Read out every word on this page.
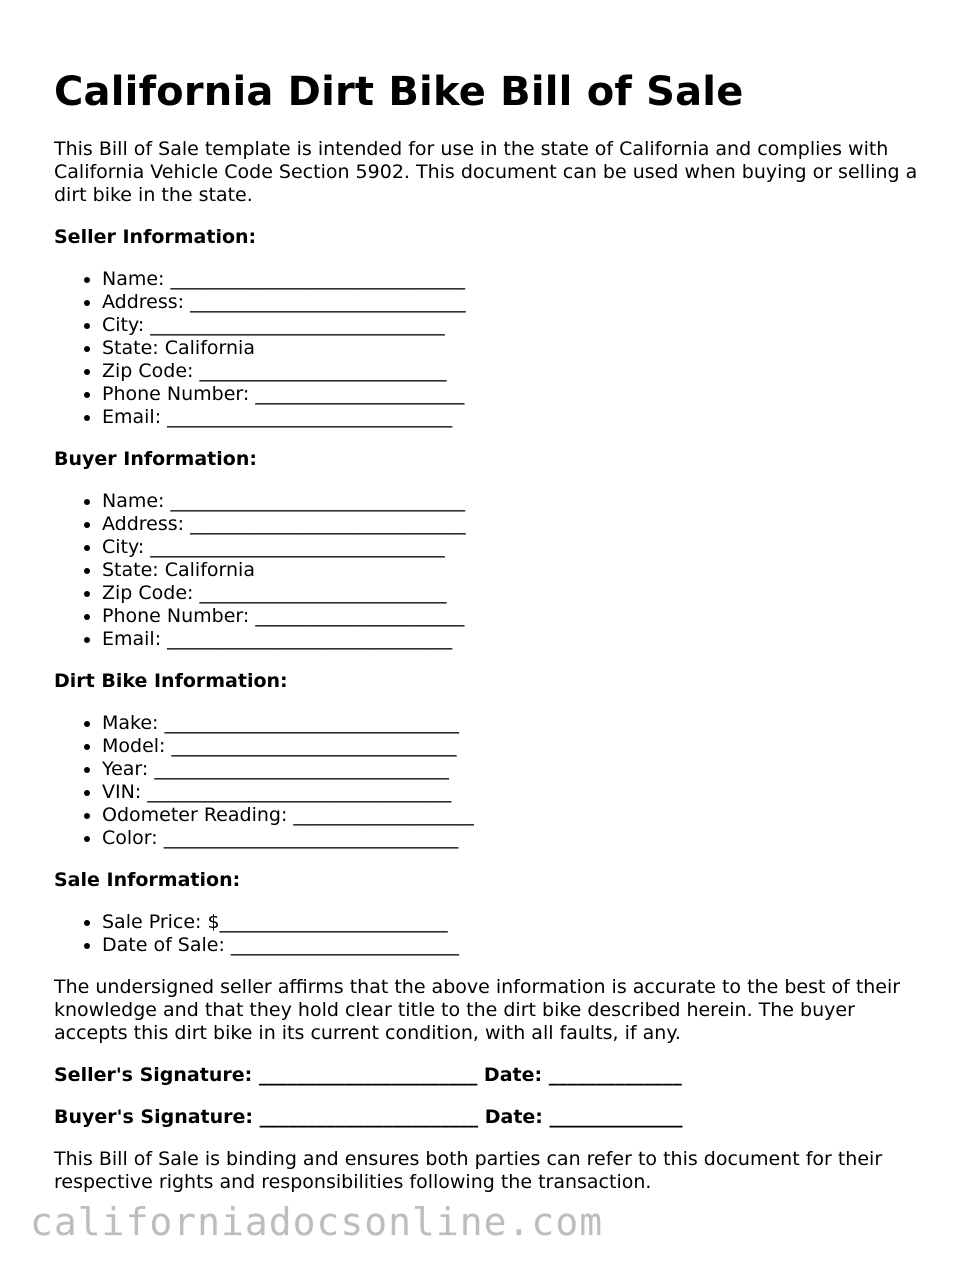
California Dirt Bike Bill of Sale

This Bill of Sale template is intended for use in the state of California and complies with California Vehicle Code Section 5902. This document can be used when buying or selling a dirt bike in the state.

Seller Information:
• Name: _______________________________
• Address: _____________________________
• City: _______________________________
• State: California
• Zip Code: __________________________
• Phone Number: ______________________
• Email: ______________________________
Buyer Information:
• Name: _______________________________
• Address: _____________________________
• City: _______________________________
• State: California
• Zip Code: __________________________
• Phone Number: ______________________
• Email: ______________________________
Dirt Bike Information:
• Make: _______________________________
• Model: ______________________________
• Year: _______________________________
• VIN: ________________________________
• Odometer Reading: ___________________
• Color: _______________________________
Sale Information:
• Sale Price: $________________________
• Date of Sale: ________________________

The undersigned seller affirms that the above information is accurate to the best of their knowledge and that they hold clear title to the dirt bike described herein. The buyer accepts this dirt bike in its current condition, with all faults, if any.

Seller's Signature: _______________________ Date: ______________
Buyer's Signature: _______________________ Date: ______________

This Bill of Sale is binding and ensures both parties can refer to this document for their respective rights and responsibilities following the transaction.

californiadocsonline.com
